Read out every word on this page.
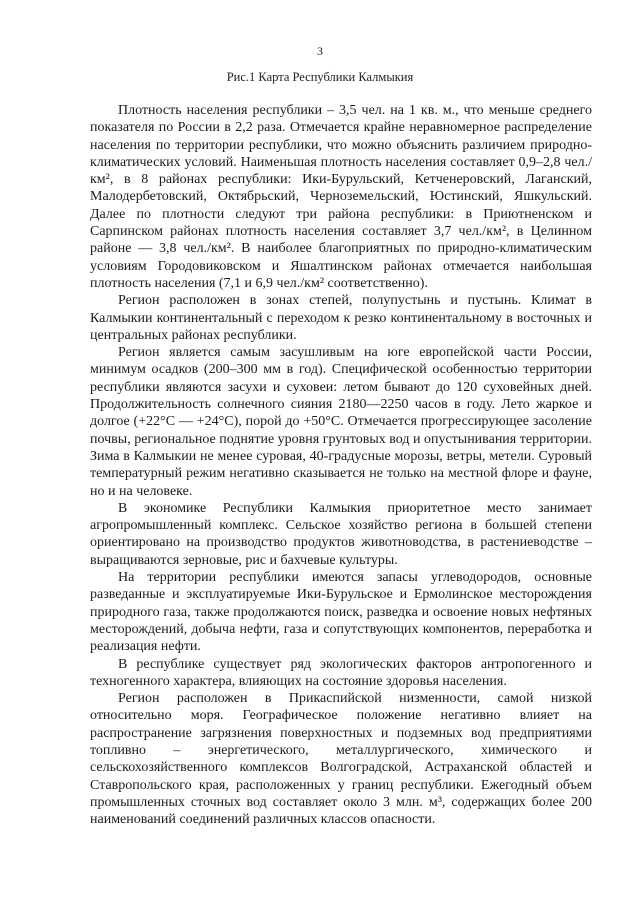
3
Рис.1 Карта Республики Калмыкия

Плотность населения республики – 3,5 чел. на 1 кв. м., что меньше среднего показателя по России в 2,2 раза. Отмечается крайне неравномерное распределение населения по территории республики, что можно объяснить различием природно-климатических условий. Наименьшая плотность населения составляет 0,9–2,8 чел./км², в 8 районах республики: Ики-Бурульский, Кетченеровский, Лаганский, Малодербетовский, Октябрьский, Черноземельский, Юстинский, Яшкульский. Далее по плотности следуют три района республики: в Приютненском и Сарпинском районах плотность населения составляет 3,7 чел./км², в Целинном районе — 3,8 чел./км². В наиболее благоприятных по природно-климатическим условиям Городовиковском и Яшалтинском районах отмечается наибольшая плотность населения (7,1 и 6,9 чел./км² соответственно).

Регион расположен в зонах степей, полупустынь и пустынь. Климат в Калмыкии континентальный с переходом к резко континентальному в восточных и центральных районах республики.

Регион является самым засушливым на юге европейской части России, минимум осадков (200–300 мм в год). Специфической особенностью территории республики являются засухи и суховеи: летом бывают до 120 суховейных дней. Продолжительность солнечного сияния 2180—2250 часов в году. Лето жаркое и долгое (+22°С — +24°С), порой до +50°С. Отмечается прогрессирующее засоление почвы, региональное поднятие уровня грунтовых вод и опустынивания территории. Зима в Калмыкии не менее суровая, 40-градусные морозы, ветры, метели. Суровый температурный режим негативно сказывается не только на местной флоре и фауне, но и на человеке.

В экономике Республики Калмыкия приоритетное место занимает агропромышленный комплекс. Сельское хозяйство региона в большей степени ориентировано на производство продуктов животноводства, в растениеводстве – выращиваются зерновые, рис и бахчевые культуры.

На территории республики имеются запасы углеводородов, основные разведанные и эксплуатируемые Ики-Бурульское и Ермолинское месторождения природного газа, также продолжаются поиск, разведка и освоение новых нефтяных месторождений, добыча нефти, газа и сопутствующих компонентов, переработка и реализация нефти.

В республике существует ряд экологических факторов антропогенного и техногенного характера, влияющих на состояние здоровья населения.

Регион расположен в Прикаспийской низменности, самой низкой относительно моря. Географическое положение негативно влияет на распространение загрязнения поверхностных и подземных вод предприятиями топливно – энергетического, металлургического, химического и сельскохозяйственного комплексов Волгоградской, Астраханской областей и Ставропольского края, расположенных у границ республики. Ежегодный объем промышленных сточных вод составляет около 3 млн. м³, содержащих более 200 наименований соединений различных классов опасности.
